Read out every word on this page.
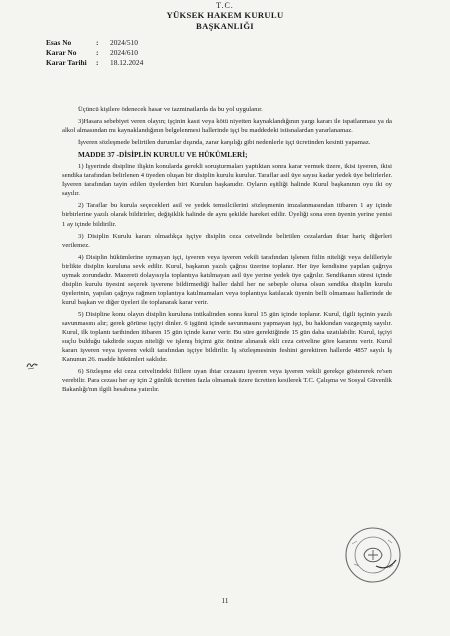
T.C.
YÜKSEK HAKEM KURULU
BAŞKANLIĞI
Esas No	: 2024/510
Karar No	: 2024/610
Karar Tarihi : 18.12.2024

Üçüncü kişilere ödenecek hasar ve tazminatlarda da bu yol uygulanır.

3)Hasara sebebiyet veren olayın; işçinin kasıt veya kötü niyetten kaynaklandığının yargı kararı ile ispatlanması ya da alkol almasından mı kaynaklandığının belgelenmesi hallerinde işçi bu maddedeki istisnalardan yararlanamaz.

İşveren sözleşmede belirtilen durumlar dışında, zarar karşılığı gibi nedenlerle işçi ücretinden kesinti yapamaz.

MADDE 37 -DİSİPLİN KURULU VE HÜKÜMLERİ;

1) İşyerinde disipline ilişkin konularda gerekli soruşturmaları yaptıktan sonra karar vermek üzere, ikisi işveren, ikisi sendika tarafından belirlenen 4 üyeden oluşan bir disiplin kurulu kurulur. Taraflar asil üye sayısı kadar yedek üye belirlerler. İşveren tarafından tayin edilen üyelerden biri Kurulun başkanıdır. Oyların eşitliği halinde Kurul başkanının oyu iki oy sayılır.

2) Taraflar bu kurula seçecekleri asil ve yedek temsilcilerini sözleşmenin imzalanmasından itibaren 1 ay içinde birbirlerine yazılı olarak bildirirler, değişiklik halinde de aynı şekilde hareket edilir. Üyeliği sona eren üyenin yerine yenisi 1 ay içinde bildirilir.

3) Disiplin Kurulu kararı olmadıkça işçiye disiplin ceza cetvelinde belirtilen cezalardan ihtar hariç diğerleri verilemez.

4) Disiplin hükümlerine uymayan işçi, işveren veya işveren vekili tarafından işlenen fiilin niteliği veya delilleriyle birlikte disiplin kuruluna sevk edilir. Kurul, başkanın yazılı çağrısı üzerine toplanır. Her üye kendisine yapılan çağrıya uymak zorundadır. Mazereti dolayısıyla toplantıya katılmayan asil üye yerine yedek üye çağrılır. Sendikanın süresi içinde disiplin kurulu üyesini seçerek işverene bildirmediği haller dahil her ne sebeple olursa olsun sendika disiplin kurulu üyelerinin, yapılan çağrıya rağmen toplantıya katılmamaları veya toplantıya katılacak üyenin belli olmaması hallerinde de kurul başkan ve diğer üyeleri ile toplanarak karar verir.

5) Disipline konu olayın disiplin kuruluna intikalinden sonra kurul 15 gün içinde toplanır. Kurul, ilgili işçinin yazılı savunmasını alır; gerek görürse işçiyi dinler. 6 işgünü içinde savunmasını yapmayan işçi, bu hakkından vazgeçmiş sayılır. Kurul, ilk toplantı tarihinden itibaren 15 gün içinde karar verir. Bu süre gerektiğinde 15 gün daha uzatılabilir. Kurul, işçiyi suçlu bulduğu takdirde suçun niteliği ve işlenış biçimi göz önüne alınarak ekli ceza cetveline göre kararını verir. Kurul kararı işveren veya işveren vekili tarafından işçiye bildirilir. İş sözleşmesinin feshini gerektiren hallerde 4857 sayılı İş Kanunun 26. madde hükümleri saklıdır.

6) Sözleşme eki ceza cetvelindeki fiillere uyan ihtar cezasını işveren veya işveren vekili gerekçe göstererek re'sen verebilir. Para cezası her ay için 2 günlük ücretten fazla olmamak üzere ücretten kesilerek T.C. Çalışma ve Sosyal Güvenlik Bakanlığı'nın ilgili hesabına yatırılır.

11
